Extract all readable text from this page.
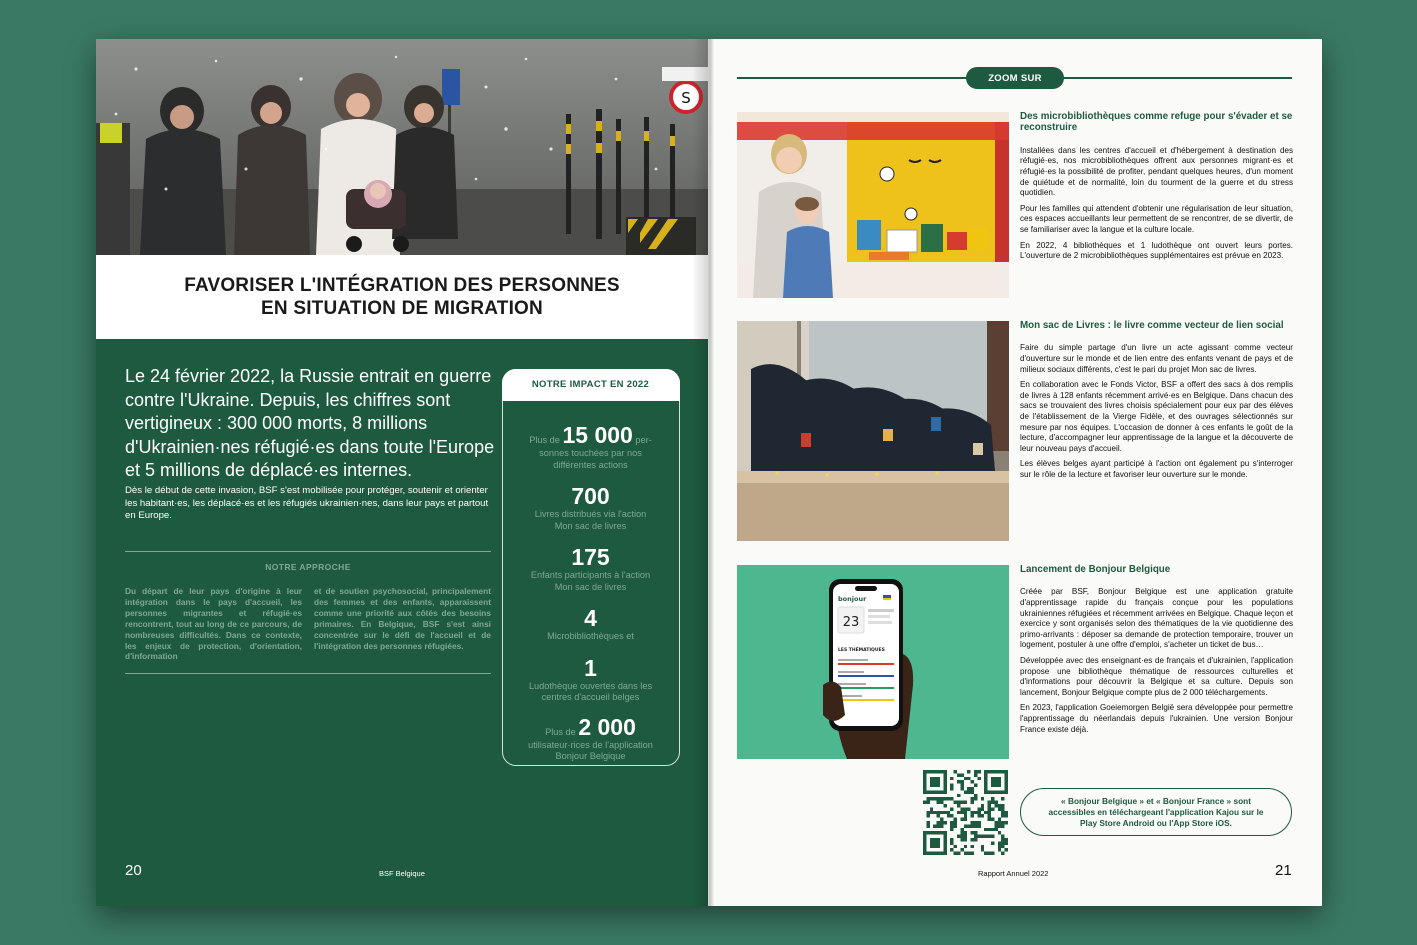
S
FAVORISER L'INTÉGRATION DES PERSONNES
EN SITUATION DE MIGRATION

Le 24 février 2022, la Russie entrait en guerre contre l'Ukraine. Depuis, les chiffres sont vertigineux : 300 000 morts, 8 millions d'Ukrainien·nes réfugié·es dans toute l'Europe et 5 millions de déplacé·es internes.

Dès le début de cette invasion, BSF s'est mobilisée pour protéger, soutenir et orienter les habitant·es, les déplacé·es et les réfugiés ukrainien·nes, dans leur pays et partout en Europe.

NOTRE APPROCHE

Du départ de leur pays d'origine à leur intégration dans le pays d'accueil, les personnes migrantes et réfugié·es rencontrent, tout au long de ce parcours, de nombreuses difficultés. Dans ce contexte, les enjeux de protection, d'orientation, d'information

et de soutien psychosocial, principalement des femmes et des enfants, apparaissent comme une priorité aux côtés des besoins primaires. En Belgique, BSF s'est ainsi concentrée sur le défi de l'accueil et de l'intégration des personnes réfugiées.

NOTRE IMPACT EN 2022
Plus de 15 000 per-
sonnes touchées par nos différentes actions
700
Livres distribués via l'action Mon sac de livres
175
Enfants participants à l'action Mon sac de livres
4
Microbibliothèques et
1
Ludothèque ouvertes dans les centres d'accueil belges
Plus de 2 000
utilisateur·rices de l'application Bonjour Belgique
20	BSF Belgique
ZOOM SUR
Des microbibliothèques comme refuge pour s'évader et se reconstruire

Installées dans les centres d'accueil et d'hébergement à destination des réfugié·es, nos microbibliothèques offrent aux personnes migrant·es et réfugié·es la possibilité de profiter, pendant quelques heures, d'un moment de quiétude et de normalité, loin du tourment de la guerre et du stress quotidien.

Pour les familles qui attendent d'obtenir une régularisation de leur situation, ces espaces accueillants leur permettent de se rencontrer, de se divertir, de se familiariser avec la langue et la culture locale.

En 2022, 4 bibliothèques et 1 ludothèque ont ouvert leurs portes. L'ouverture de 2 microbibliothèques supplémentaires est prévue en 2023.

Mon sac de Livres : le livre comme vecteur de lien social

Faire du simple partage d'un livre un acte agissant comme vecteur d'ouverture sur le monde et de lien entre des enfants venant de pays et de milieux sociaux différents, c'est le pari du projet Mon sac de livres.

En collaboration avec le Fonds Victor, BSF a offert des sacs à dos remplis de livres à 128 enfants récemment arrivé·es en Belgique. Dans chacun des sacs se trouvaient des livres choisis spécialement pour eux par des élèves de l'établissement de la Vierge Fidèle, et des ouvrages sélectionnés sur mesure par nos équipes. L'occasion de donner à ces enfants le goût de la lecture, d'accompagner leur apprentissage de la langue et la découverte de leur nouveau pays d'accueil.

Les élèves belges ayant participé à l'action ont également pu s'interroger sur le rôle de la lecture et favoriser leur ouverture sur le monde.

bonjour
23
LES THÉMATIQUES
Lancement de Bonjour Belgique

Créée par BSF, Bonjour Belgique est une application gratuite d'apprentissage rapide du français conçue pour les populations ukrainiennes réfugiées et récemment arrivées en Belgique. Chaque leçon et exercice y sont organisés selon des thématiques de la vie quotidienne des primo-arrivants : déposer sa demande de protection temporaire, trouver un logement, postuler à une offre d'emploi, s'acheter un ticket de bus…

Développée avec des enseignant·es de français et d'ukrainien, l'application propose une bibliothèque thématique de ressources culturelles et d'informations pour découvrir la Belgique et sa culture. Depuis son lancement, Bonjour Belgique compte plus de 2 000 téléchargements.

En 2023, l'application Goeiemorgen België sera développée pour permettre l'apprentissage du néerlandais depuis l'ukrainien. Une version Bonjour France existe déjà.

« Bonjour Belgique » et « Bonjour France » sont accessibles en téléchargeant l'application Kajou sur le Play Store Android ou l'App Store iOS.
Rapport Annuel 2022	21
